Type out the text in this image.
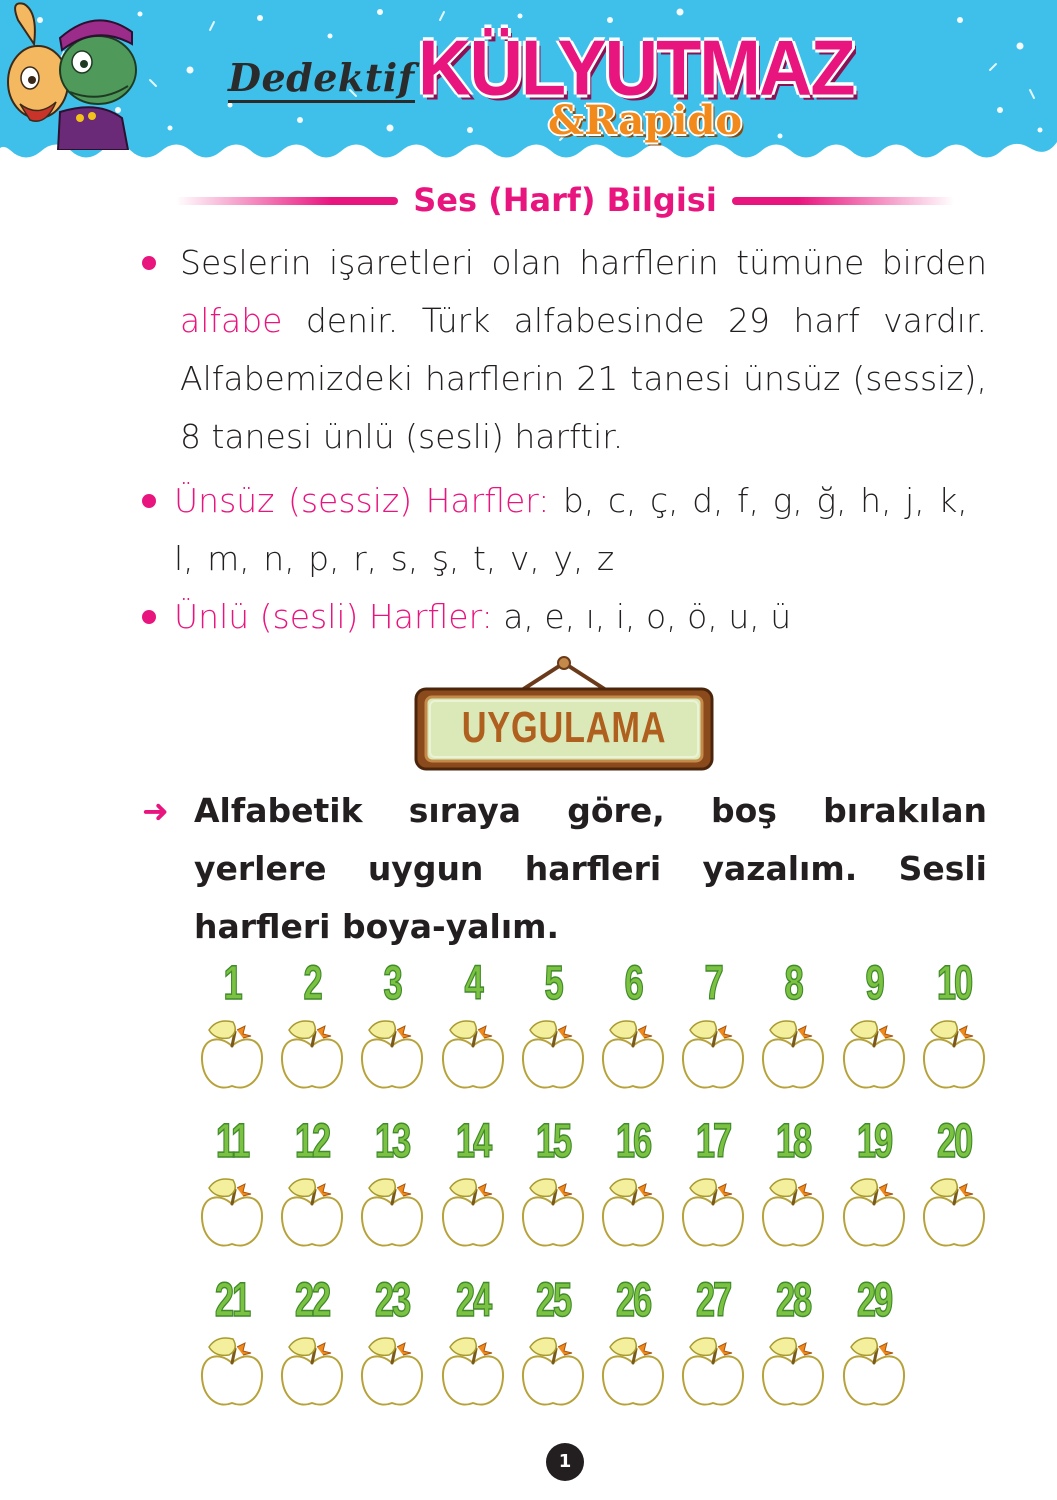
Dedektif KÜLYUTMAZ
&Rapido
Ses (Harf) Bilgisi
Seslerin işaretleri olan harflerin tümüne birden alfabe denir. Türk alfabesinde 29 harf vardır. Alfabemizdeki harflerin 21 tanesi ünsüz (sessiz), 8 tanesi ünlü (sesli) harftir.
Ünsüz (sessiz) Harfler: b, c, ç, d, f, g, ğ, h, j, k, l, m, n, p, r, s, ş, t, v, y, z
Ünlü (sesli) Harfler: a, e, ı, i, o, ö, u, ü
UYGULAMA
➜ Alfabetik sıraya göre, boş bırakılan yerlere uygun harfleri yazalım. Sesli harfleri boya-yalım.
1	2	3	4	5	6	7	8	9	10
11 12 13 14 15 16 17 18 19 20
21 22 23 24 25 26 27 28 29
1
